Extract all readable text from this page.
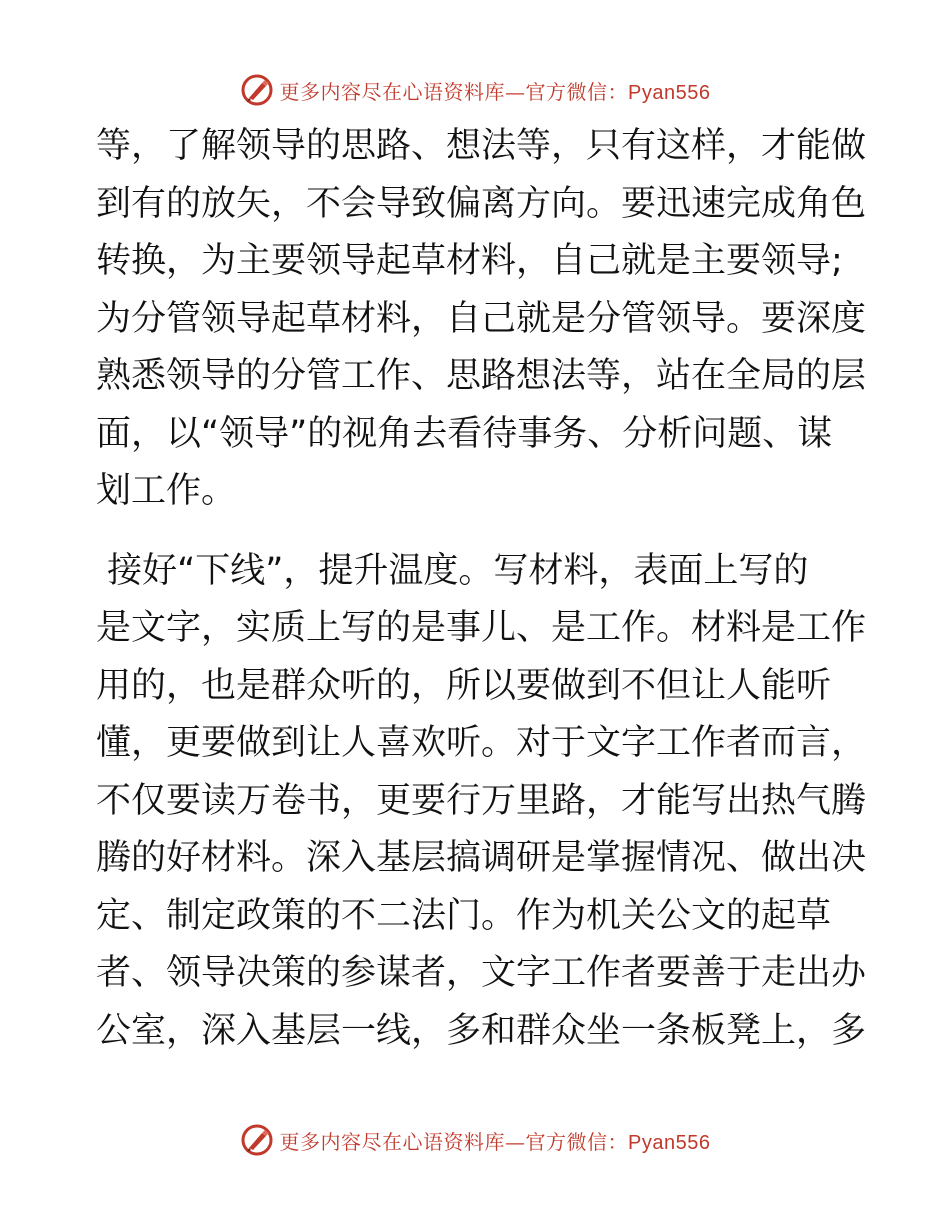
更多内容尽在心语资料库—官方微信：Pyan556
等，了解领导的思路、想法等，只有这样，才能做
到有的放矢，不会导致偏离方向。要迅速完成角色
转换，为主要领导起草材料，自己就是主要领导;
为分管领导起草材料，自己就是分管领导。要深度
熟悉领导的分管工作、思路想法等，站在全局的层
面，以“领导”的视角去看待事务、分析问题、谋
划工作。
接好“下线”，提升温度。写材料，表面上写的
是文字，实质上写的是事儿、是工作。材料是工作
用的，也是群众听的，所以要做到不但让人能听
懂，更要做到让人喜欢听。对于文字工作者而言，
不仅要读万卷书，更要行万里路，才能写出热气腾
腾的好材料。深入基层搞调研是掌握情况、做出决
定、制定政策的不二法门。作为机关公文的起草
者、领导决策的参谋者，文字工作者要善于走出办
公室，深入基层一线，多和群众坐一条板凳上，多
更多内容尽在心语资料库—官方微信：Pyan556
